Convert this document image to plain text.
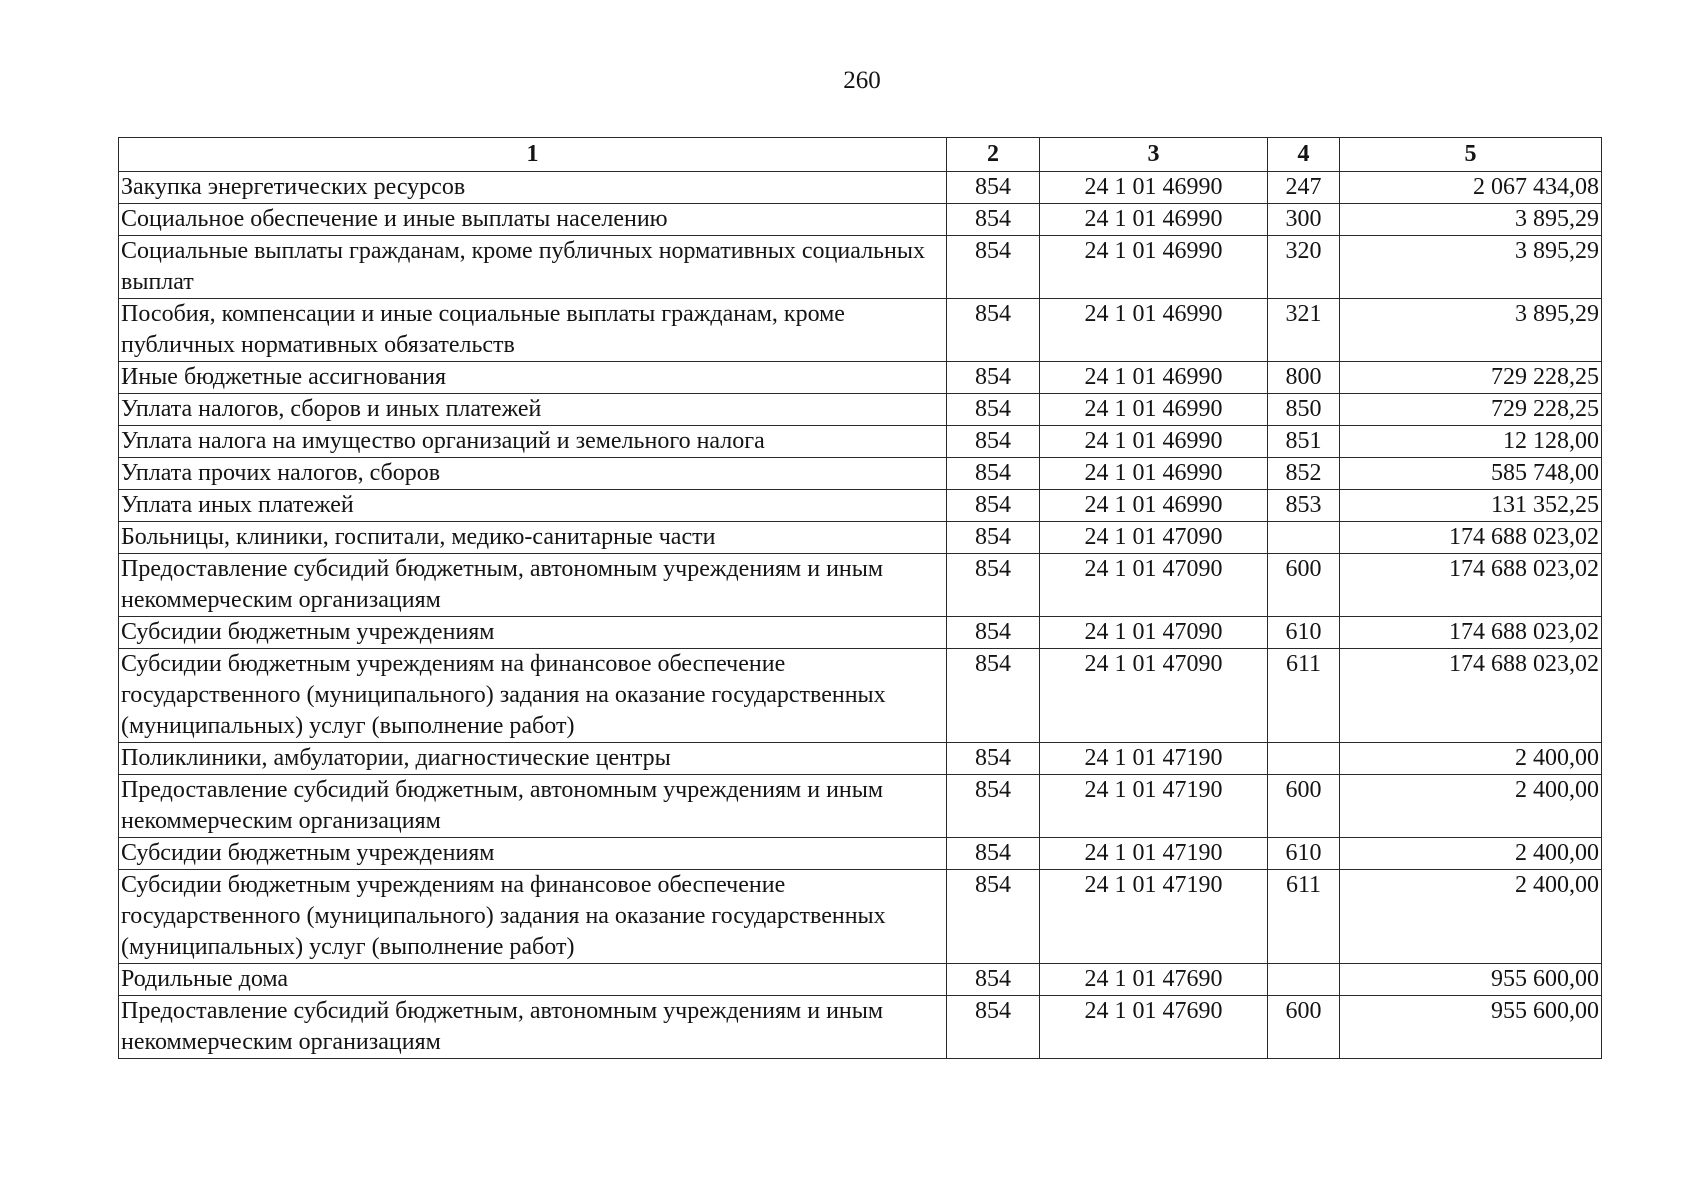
260
1	2	3	4	5
Закупка энергетических ресурсов	854	24 1 01 46990	247	2 067 434,08
Социальное обеспечение и иные выплаты населению	854	24 1 01 46990	300	3 895,29
Социальные выплаты гражданам, кроме публичных нормативных социальных выплат	854	24 1 01 46990	320	3 895,29
Пособия, компенсации и иные социальные выплаты гражданам, кроме публичных нормативных обязательств	854	24 1 01 46990	321	3 895,29
Иные бюджетные ассигнования	854	24 1 01 46990	800	729 228,25
Уплата налогов, сборов и иных платежей	854	24 1 01 46990	850	729 228,25
Уплата налога на имущество организаций и земельного налога	854	24 1 01 46990	851	12 128,00
Уплата прочих налогов, сборов	854	24 1 01 46990	852	585 748,00
Уплата иных платежей	854	24 1 01 46990	853	131 352,25
Больницы, клиники, госпитали, медико-санитарные части	854	24 1 01 47090		174 688 023,02
Предоставление субсидий бюджетным, автономным учреждениям и иным некоммерческим организациям	854	24 1 01 47090	600	174 688 023,02
Субсидии бюджетным учреждениям	854	24 1 01 47090	610	174 688 023,02
Субсидии бюджетным учреждениям на финансовое обеспечение государственного (муниципального) задания на оказание государственных (муниципальных) услуг (выполнение работ)	854	24 1 01 47090	611	174 688 023,02
Поликлиники, амбулатории, диагностические центры	854	24 1 01 47190		2 400,00
Предоставление субсидий бюджетным, автономным учреждениям и иным некоммерческим организациям	854	24 1 01 47190	600	2 400,00
Субсидии бюджетным учреждениям	854	24 1 01 47190	610	2 400,00
Субсидии бюджетным учреждениям на финансовое обеспечение государственного (муниципального) задания на оказание государственных (муниципальных) услуг (выполнение работ)	854	24 1 01 47190	611	2 400,00
Родильные дома	854	24 1 01 47690		955 600,00
Предоставление субсидий бюджетным, автономным учреждениям и иным некоммерческим организациям	854	24 1 01 47690	600	955 600,00
